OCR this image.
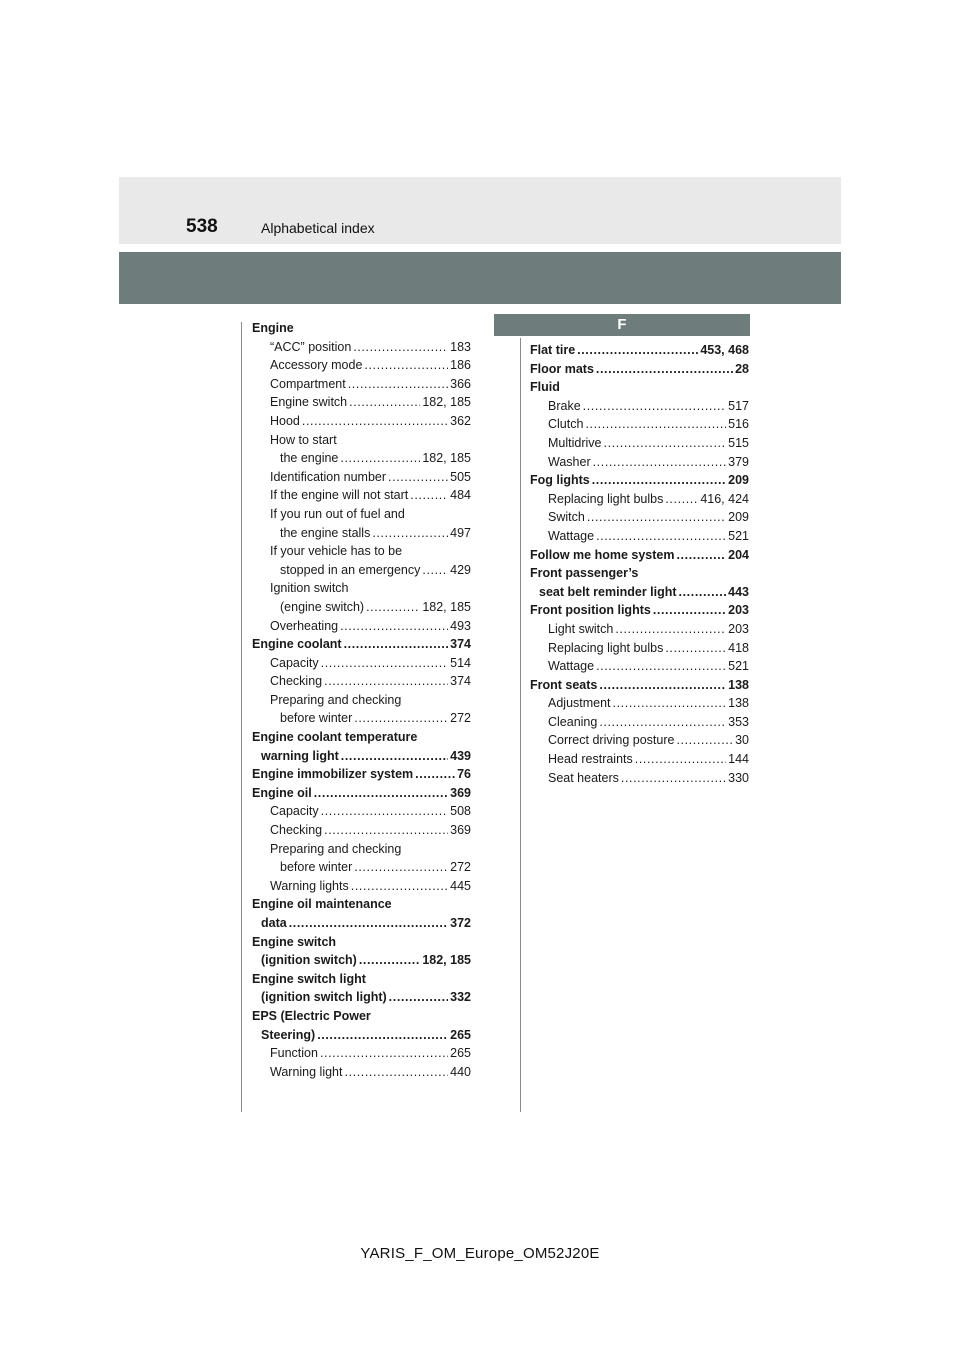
538	Alphabetical index
F
Engine
“ACC” position .....	183
Accessory mode .....	186
Compartment .....	366
Engine switch .....	182, 185
Hood .....	362
How to start
the engine .....	182, 185
Identification number .....	505
If the engine will not start .....	484
If you run out of fuel and
the engine stalls .....	497
If your vehicle has to be
stopped in an emergency ..... 429
Ignition switch
(engine switch) .....	182, 185
Overheating .....	493
Engine coolant .....	374
Capacity .....	514
Checking .....	374
Preparing and checking
before winter .....	272
Engine coolant temperature
warning light .....	439
Engine immobilizer system .....	76
Engine oil .....	369
Capacity .....	508
Checking .....	369
Preparing and checking
before winter .....	272
Warning lights .....	445
Engine oil maintenance
data .....	372
Engine switch
(ignition switch) .....	182, 185
Engine switch light
(ignition switch light) .....	332
EPS (Electric Power
Steering) .....	265
Function .....	265
Warning light .....	440
Flat tire .....	453, 468
Floor mats .....	28
Fluid
Brake .....	517
Clutch .....	516
Multidrive .....	515
Washer .....	379
Fog lights .....	209
Replacing light bulbs .....	416, 424
Switch .....	209
Wattage .....	521
Follow me home system .....	204
Front passenger’s
seat belt reminder light .....	443
Front position lights .....	203
Light switch .....	203
Replacing light bulbs .....	418
Wattage .....	521
Front seats .....	138
Adjustment .....	138
Cleaning .....	353
Correct driving posture .....	30
Head restraints .....	144
Seat heaters .....	330
YARIS_F_OM_Europe_OM52J20E
